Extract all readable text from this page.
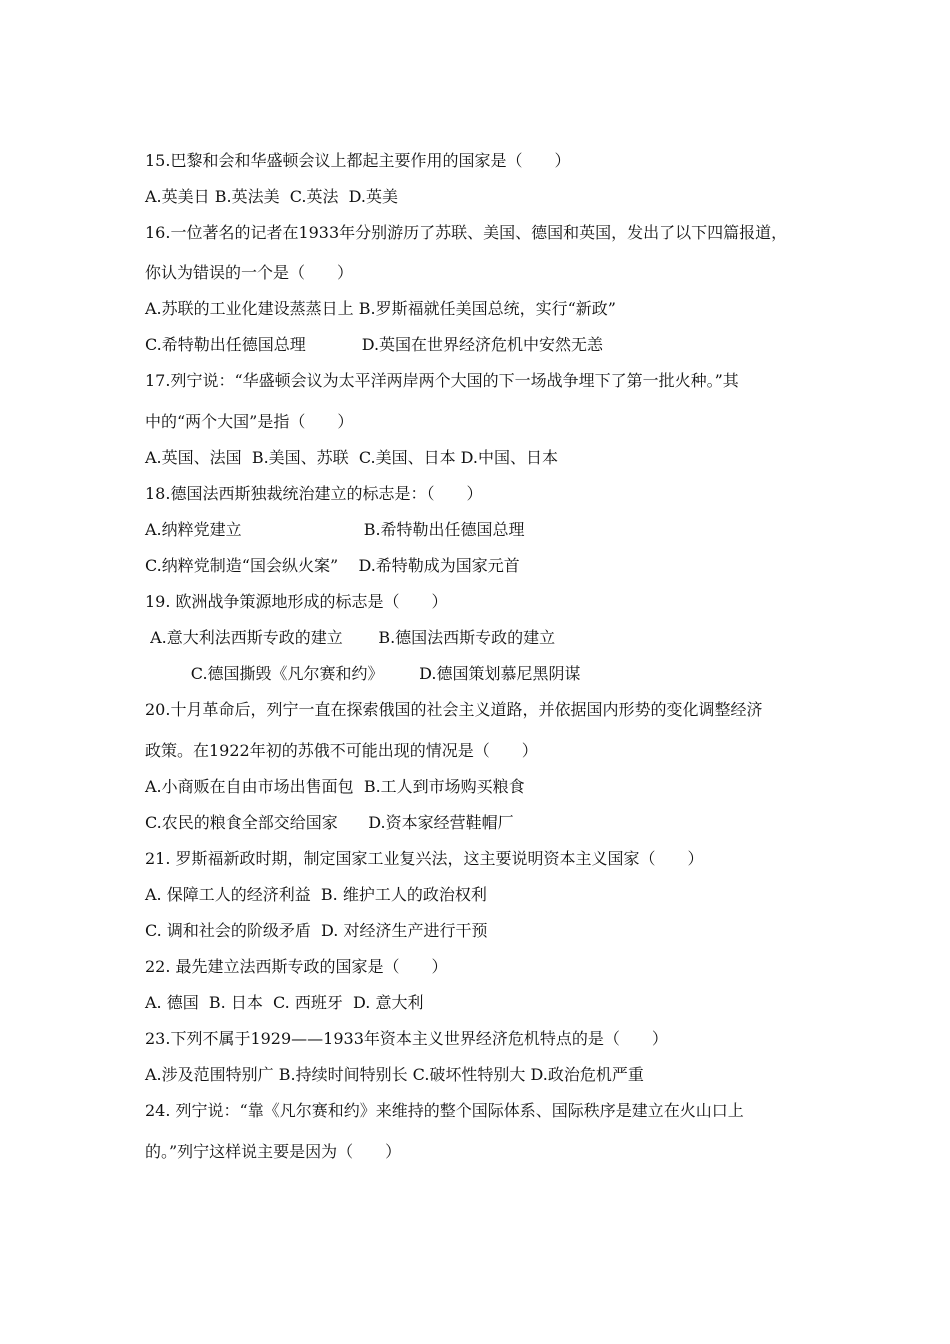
15.巴黎和会和华盛顿会议上都起主要作用的国家是（　　）
A.英美日 B.英法美  C.英法  D.英美
16.一位著名的记者在1933年分别游历了苏联、美国、德国和英国，发出了以下四篇报道，
你认为错误的一个是（　　）
A.苏联的工业化建设蒸蒸日上 B.罗斯福就任美国总统，实行“新政”
C.希特勒出任德国总理           D.英国在世界经济危机中安然无恙
17.列宁说：“华盛顿会议为太平洋两岸两个大国的下一场战争埋下了第一批火种。”其
中的“两个大国”是指（　　）
A.英国、法国  B.美国、苏联  C.美国、日本 D.中国、日本
18.德国法西斯独裁统治建立的标志是：（　　）
A.纳粹党建立                        B.希特勒出任德国总理
C.纳粹党制造“国会纵火案”    D.希特勒成为国家元首
19. 欧洲战争策源地形成的标志是（　　）
A.意大利法西斯专政的建立       B.德国法西斯专政的建立
C.德国撕毁《凡尔赛和约》       D.德国策划慕尼黑阴谋
20.十月革命后，列宁一直在探索俄国的社会主义道路，并依据国内形势的变化调整经济
政策。在1922年初的苏俄不可能出现的情况是（　　）
A.小商贩在自由市场出售面包  B.工人到市场购买粮食
C.农民的粮食全部交给国家      D.资本家经营鞋帽厂
21. 罗斯福新政时期，制定国家工业复兴法，这主要说明资本主义国家（　　）
A. 保障工人的经济利益  B. 维护工人的政治权利
C. 调和社会的阶级矛盾  D. 对经济生产进行干预
22. 最先建立法西斯专政的国家是（　　）
A. 德国  B. 日本  C. 西班牙  D. 意大利
23.下列不属于1929——1933年资本主义世界经济危机特点的是（　　）
A.涉及范围特别广 B.持续时间特别长 C.破坏性特别大 D.政治危机严重
24. 列宁说：“靠《凡尔赛和约》来维持的整个国际体系、国际秩序是建立在火山口上
的。”列宁这样说主要是因为（　　）
